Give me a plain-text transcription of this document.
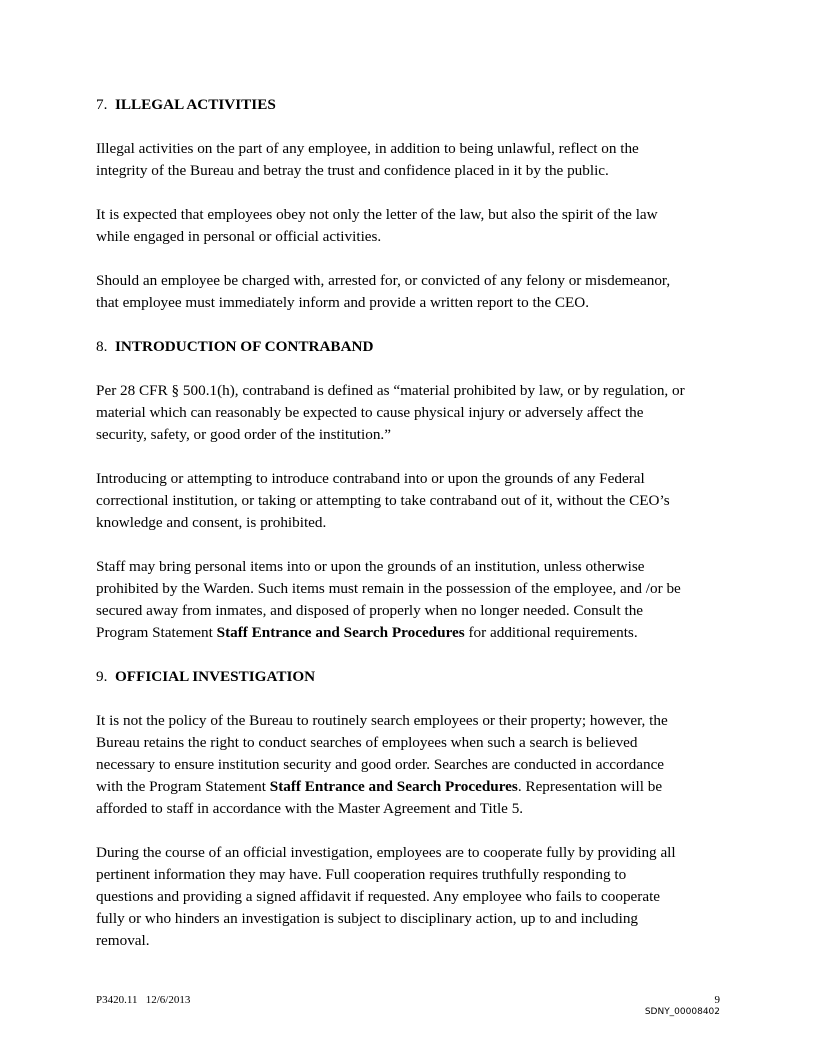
7. ILLEGAL ACTIVITIES

Illegal activities on the part of any employee, in addition to being unlawful, reflect on the
integrity of the Bureau and betray the trust and confidence placed in it by the public.

It is expected that employees obey not only the letter of the law, but also the spirit of the law
while engaged in personal or official activities.

Should an employee be charged with, arrested for, or convicted of any felony or misdemeanor,
that employee must immediately inform and provide a written report to the CEO.

8. INTRODUCTION OF CONTRABAND

Per 28 CFR § 500.1(h), contraband is defined as “material prohibited by law, or by regulation, or
material which can reasonably be expected to cause physical injury or adversely affect the
security, safety, or good order of the institution.”

Introducing or attempting to introduce contraband into or upon the grounds of any Federal
correctional institution, or taking or attempting to take contraband out of it, without the CEO’s
knowledge and consent, is prohibited.

Staff may bring personal items into or upon the grounds of an institution, unless otherwise
prohibited by the Warden. Such items must remain in the possession of the employee, and /or be
secured away from inmates, and disposed of properly when no longer needed. Consult the
Program Statement Staff Entrance and Search Procedures for additional requirements.

9. OFFICIAL INVESTIGATION

It is not the policy of the Bureau to routinely search employees or their property; however, the
Bureau retains the right to conduct searches of employees when such a search is believed
necessary to ensure institution security and good order. Searches are conducted in accordance
with the Program Statement Staff Entrance and Search Procedures. Representation will be
afforded to staff in accordance with the Master Agreement and Title 5.

During the course of an official investigation, employees are to cooperate fully by providing all
pertinent information they may have. Full cooperation requires truthfully responding to
questions and providing a signed affidavit if requested. Any employee who fails to cooperate
fully or who hinders an investigation is subject to disciplinary action, up to and including
removal.

P3420.11 12/6/2013	9
SDNY_00008402
